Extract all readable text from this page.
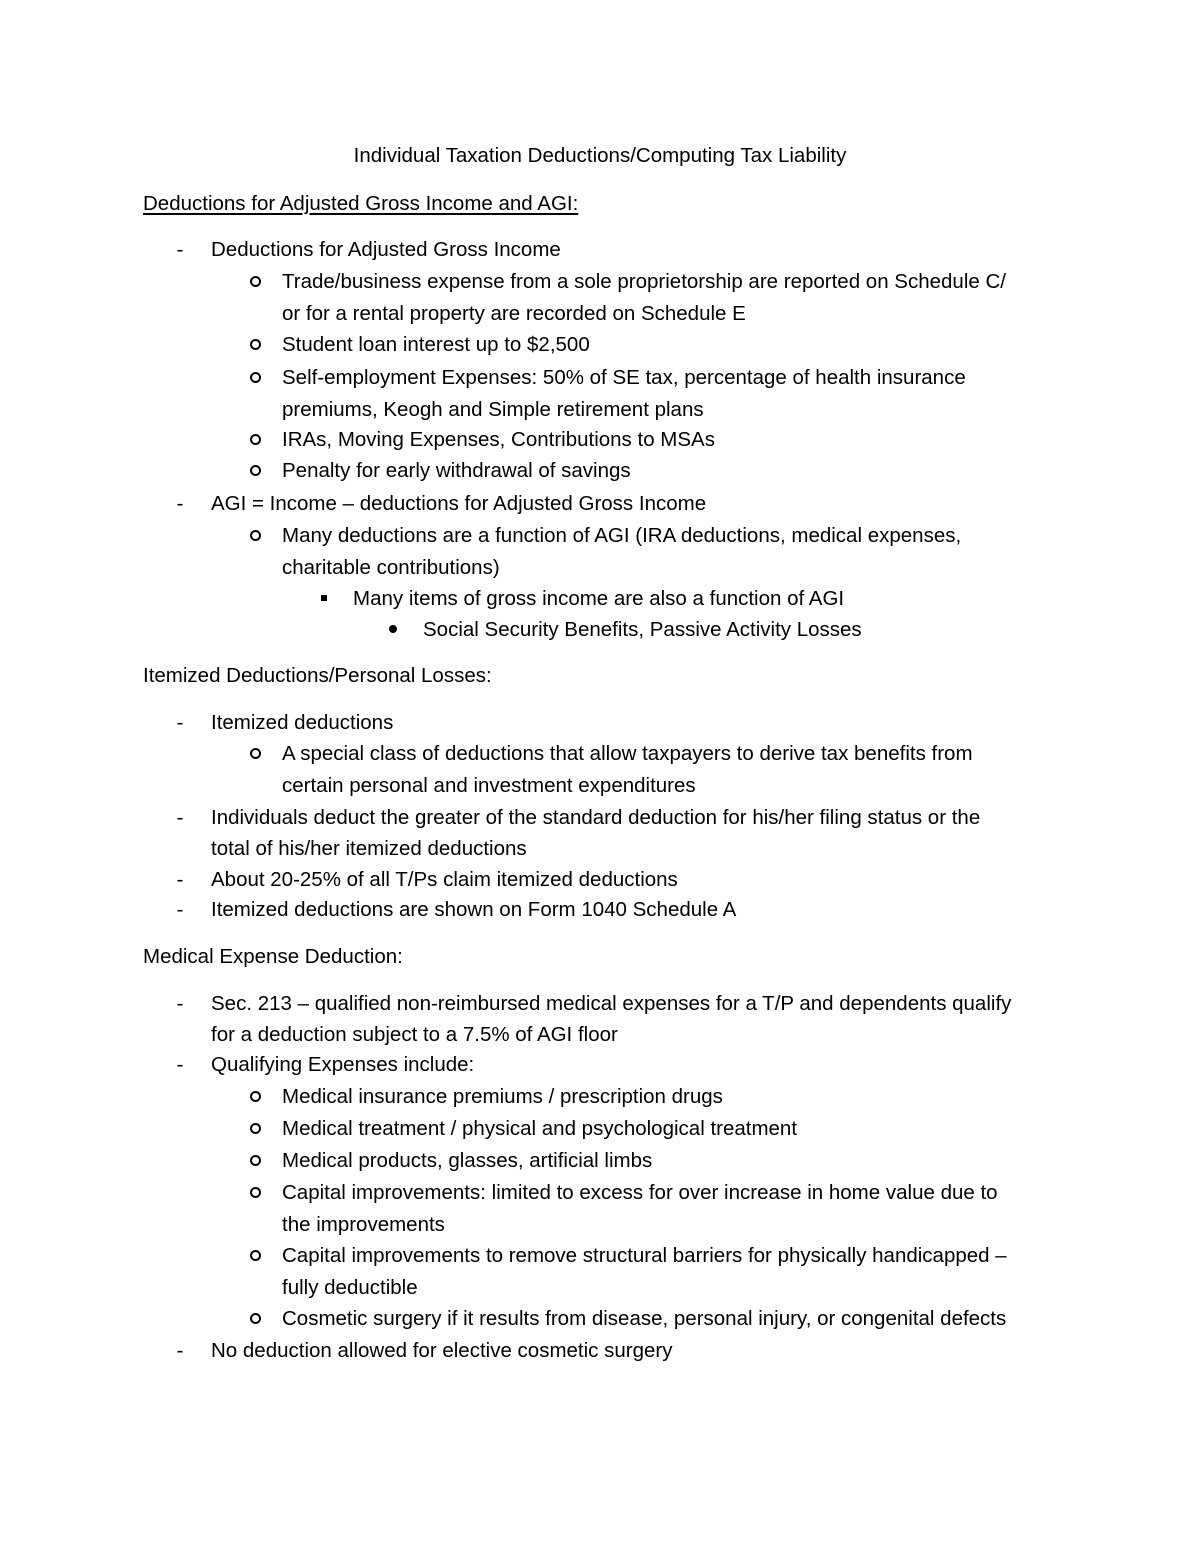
Individual Taxation Deductions/Computing Tax Liability
Deductions for Adjusted Gross Income and AGI:
-	Deductions for Adjusted Gross Income
Trade/business expense from a sole proprietorship are reported on Schedule C/
or for a rental property are recorded on Schedule E
Student loan interest up to $2,500
Self-employment Expenses: 50% of SE tax, percentage of health insurance
premiums, Keogh and Simple retirement plans
IRAs, Moving Expenses, Contributions to MSAs
Penalty for early withdrawal of savings
-	AGI = Income – deductions for Adjusted Gross Income
Many deductions are a function of AGI (IRA deductions, medical expenses,
charitable contributions)
Many items of gross income are also a function of AGI
Social Security Benefits, Passive Activity Losses
Itemized Deductions/Personal Losses:
-	Itemized deductions
A special class of deductions that allow taxpayers to derive tax benefits from
certain personal and investment expenditures
-	Individuals deduct the greater of the standard deduction for his/her filing status or the
total of his/her itemized deductions
-	About 20-25% of all T/Ps claim itemized deductions
-	Itemized deductions are shown on Form 1040 Schedule A
Medical Expense Deduction:
-	Sec. 213 – qualified non-reimbursed medical expenses for a T/P and dependents qualify
for a deduction subject to a 7.5% of AGI floor
-	Qualifying Expenses include:
Medical insurance premiums / prescription drugs
Medical treatment / physical and psychological treatment
Medical products, glasses, artificial limbs
Capital improvements: limited to excess for over increase in home value due to
the improvements
Capital improvements to remove structural barriers for physically handicapped –
fully deductible
Cosmetic surgery if it results from disease, personal injury, or congenital defects
-	No deduction allowed for elective cosmetic surgery
